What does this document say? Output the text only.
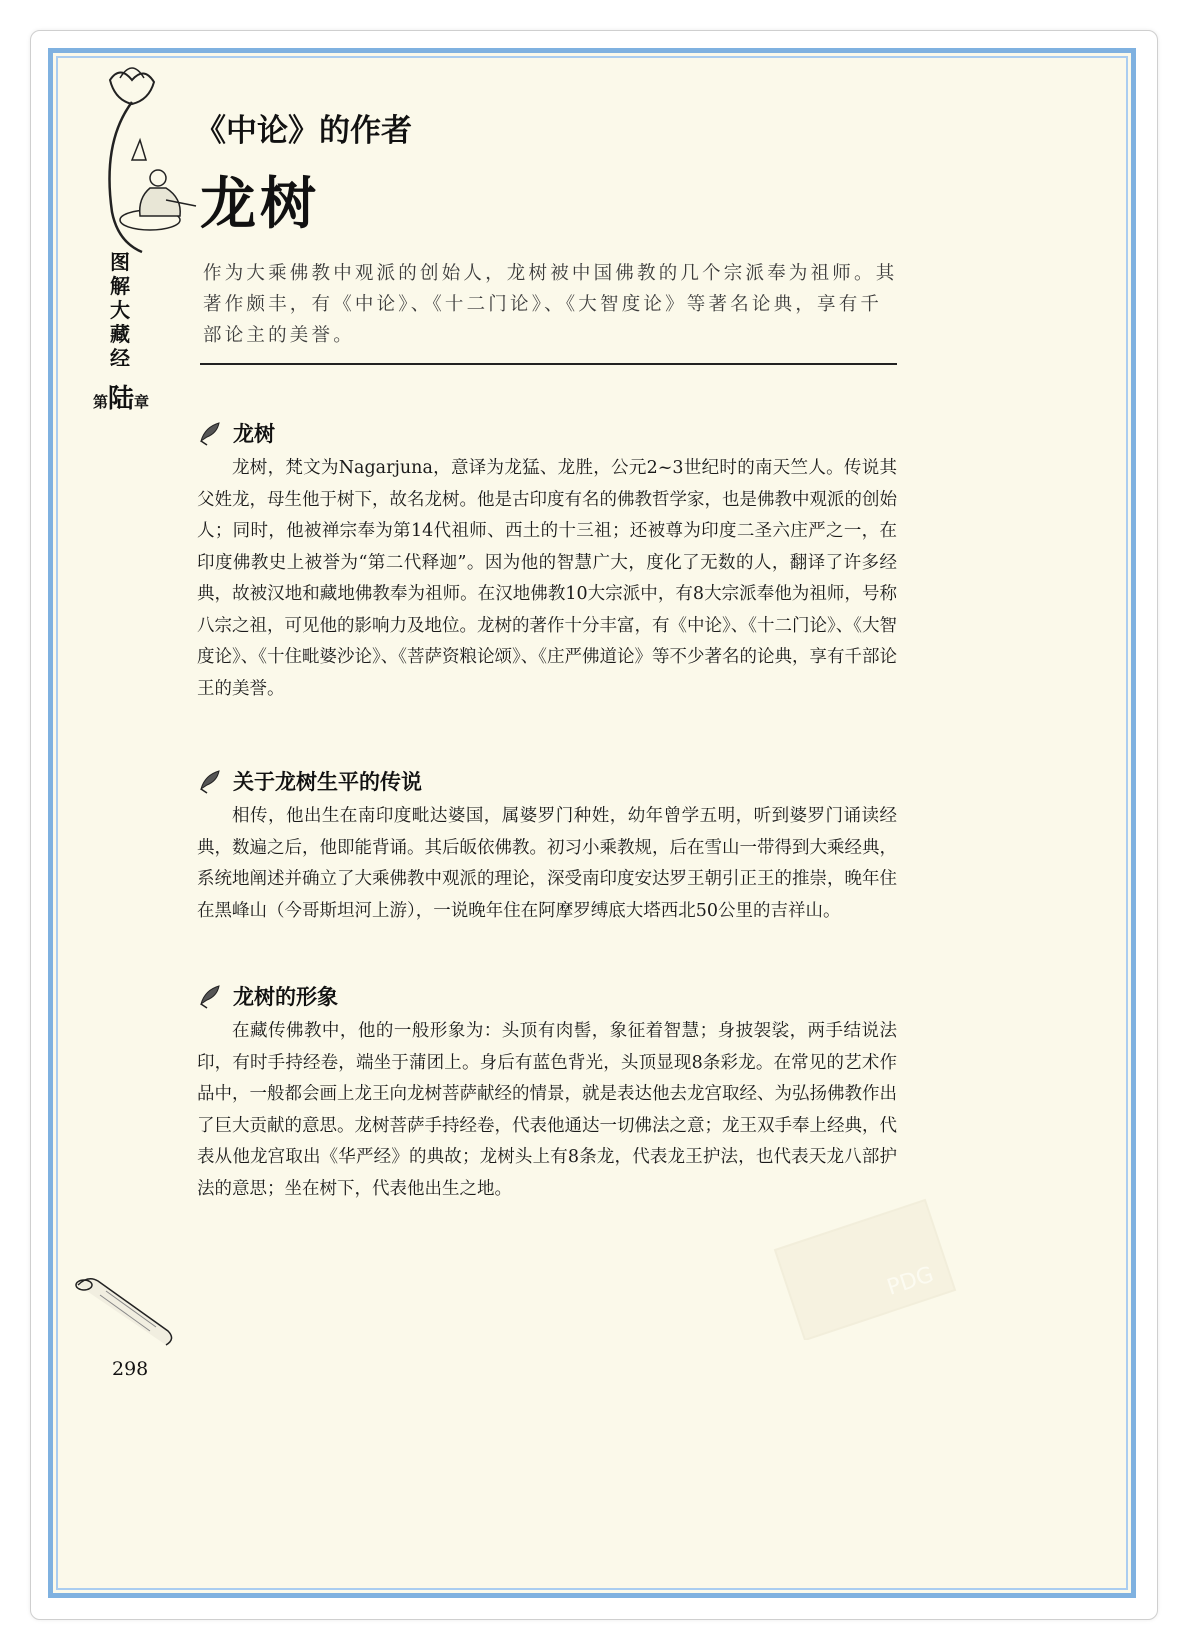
图
解
大
藏
经
第陆章
《中论》的作者
龙树
作为大乘佛教中观派的创始人，龙树被中国佛教的几个宗派奉为祖师。其著作颇丰，有《中论》、《十二门论》、《大智度论》等著名论典，享有千部论主的美誉。
龙树

龙树，梵文为Nagarjuna，意译为龙猛、龙胜，公元2~3世纪时的南天竺人。传说其父姓龙，母生他于树下，故名龙树。他是古印度有名的佛教哲学家，也是佛教中观派的创始人；同时，他被禅宗奉为第14代祖师、西土的十三祖；还被尊为印度二圣六庄严之一，在印度佛教史上被誉为“第二代释迦”。因为他的智慧广大，度化了无数的人，翻译了许多经典，故被汉地和藏地佛教奉为祖师。在汉地佛教10大宗派中，有8大宗派奉他为祖师，号称八宗之祖，可见他的影响力及地位。龙树的著作十分丰富，有《中论》、《十二门论》、《大智度论》、《十住毗婆沙论》、《菩萨资粮论颂》、《庄严佛道论》等不少著名的论典，享有千部论王的美誉。

关于龙树生平的传说

相传，他出生在南印度毗达婆国，属婆罗门种姓，幼年曾学五明，听到婆罗门诵读经典，数遍之后，他即能背诵。其后皈依佛教。初习小乘教规，后在雪山一带得到大乘经典，系统地阐述并确立了大乘佛教中观派的理论，深受南印度安达罗王朝引正王的推崇，晚年住在黑峰山（今哥斯坦河上游），一说晚年住在阿摩罗缚底大塔西北50公里的吉祥山。

龙树的形象

在藏传佛教中，他的一般形象为：头顶有肉髻，象征着智慧；身披袈裟，两手结说法印，有时手持经卷，端坐于蒲团上。身后有蓝色背光，头顶显现8条彩龙。在常见的艺术作品中，一般都会画上龙王向龙树菩萨献经的情景，就是表达他去龙宫取经、为弘扬佛教作出了巨大贡献的意思。龙树菩萨手持经卷，代表他通达一切佛法之意；龙王双手奉上经典，代表从他龙宫取出《华严经》的典故；龙树头上有8条龙，代表龙王护法，也代表天龙八部护法的意思；坐在树下，代表他出生之地。

PDG
298
